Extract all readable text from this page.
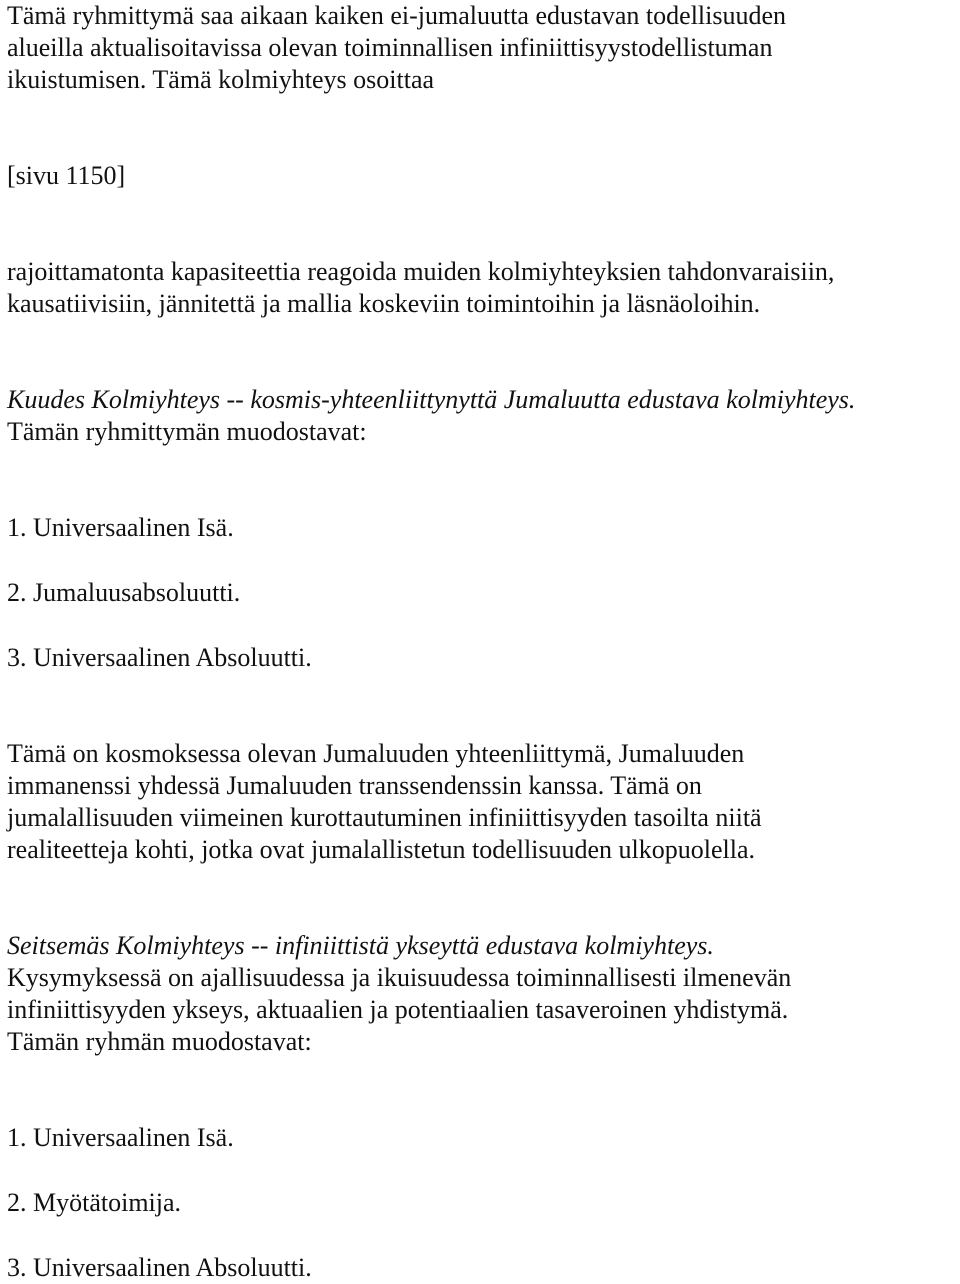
Tämä ryhmittymä saa aikaan kaiken ei-jumaluutta edustavan todellisuuden
alueilla aktualisoitavissa olevan toiminnallisen infiniittisyystodellistuman
ikuistumisen. Tämä kolmiyhteys osoittaa

[sivu 1150]

rajoittamatonta kapasiteettia reagoida muiden kolmiyhteyksien tahdonvaraisiin,
kausatiivisiin, jännitettä ja mallia koskeviin toimintoihin ja läsnäoloihin.

Kuudes Kolmiyhteys -- kosmis-yhteenliittynyttä Jumaluutta edustava kolmiyhteys.
Tämän ryhmittymän muodostavat:

1. Universaalinen Isä.

2. Jumaluusabsoluutti.

3. Universaalinen Absoluutti.

Tämä on kosmoksessa olevan Jumaluuden yhteenliittymä, Jumaluuden
immanenssi yhdessä Jumaluuden transsendenssin kanssa. Tämä on
jumalallisuuden viimeinen kurottautuminen infiniittisyyden tasoilta niitä
realiteetteja kohti, jotka ovat jumalallistetun todellisuuden ulkopuolella.

Seitsemäs Kolmiyhteys -- infiniittistä ykseyttä edustava kolmiyhteys.
Kysymyksessä on ajallisuudessa ja ikuisuudessa toiminnallisesti ilmenevän
infiniittisyyden ykseys, aktuaalien ja potentiaalien tasaveroinen yhdistymä.
Tämän ryhmän muodostavat:

1. Universaalinen Isä.

2. Myötätoimija.

3. Universaalinen Absoluutti.
